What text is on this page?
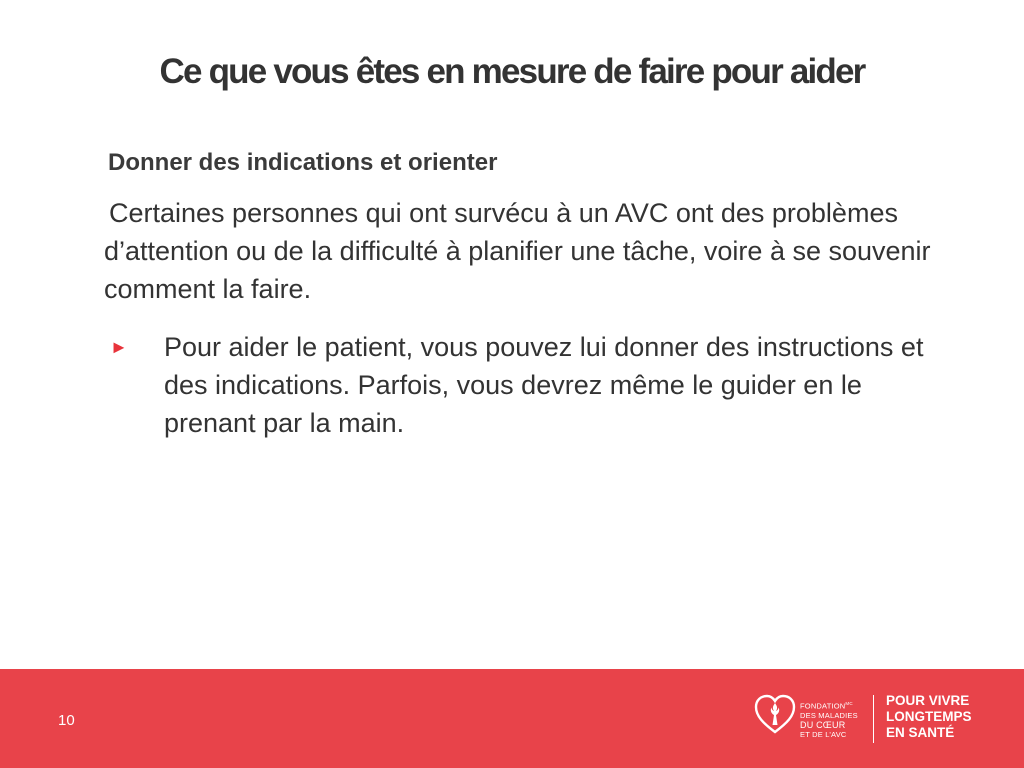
Ce que vous êtes en mesure de faire pour aider
Donner des indications et orienter

Certaines personnes qui ont survécu à un AVC ont des problèmes d’attention ou de la difficulté à planifier une tâche, voire à se souvenir comment la faire.

► Pour aider le patient, vous pouvez lui donner des instructions et des indications. Parfois, vous devrez même le guider en le prenant par la main.

10
$FONDATION^{MC}$
DES MALADIES
DU CŒUR
ET DE L’AVC
POUR VIVRE
LONGTEMPS
EN SANTÉ
